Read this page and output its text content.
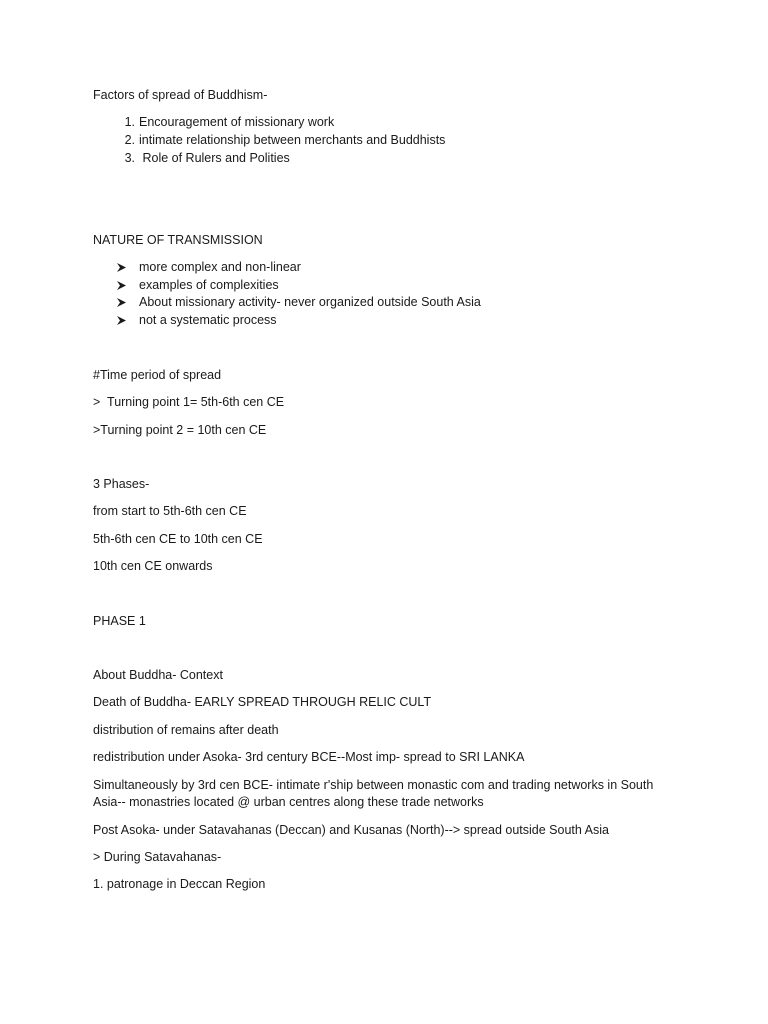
Factors of spread of Buddhism-
1. Encouragement of missionary work
2. intimate relationship between merchants and Buddhists
3. Role of Rulers and Polities
NATURE OF TRANSMISSION
more complex and non-linear
examples of complexities
About missionary activity- never organized outside South Asia
not a systematic process
#Time period of spread
>  Turning point 1= 5th-6th cen CE
>Turning point 2 = 10th cen CE
3 Phases-
from start to 5th-6th cen CE
5th-6th cen CE to 10th cen CE
10th cen CE onwards
PHASE 1
About Buddha- Context
Death of Buddha- EARLY SPREAD THROUGH RELIC CULT
distribution of remains after death
redistribution under Asoka- 3rd century BCE--Most imp- spread to SRI LANKA
Simultaneously by 3rd cen BCE- intimate r'ship between monastic com and trading networks in South Asia-- monastries located @ urban centres along these trade networks
Post Asoka- under Satavahanas (Deccan) and Kusanas (North)--> spread outside South Asia
> During Satavahanas-
1. patronage in Deccan Region
